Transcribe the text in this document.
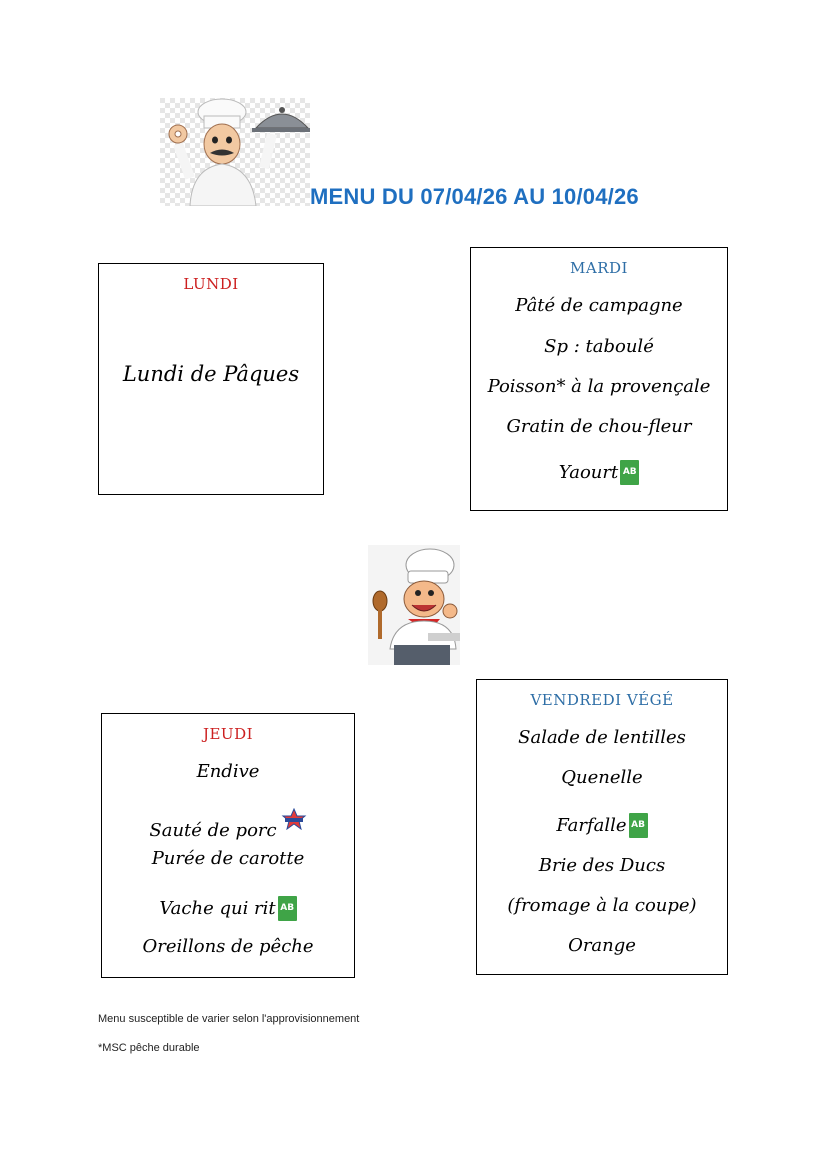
MENU DU 07/04/26 AU 10/04/26
LUNDI
Lundi de Pâques
MARDI
Pâté de campagne
Sp : taboulé
Poisson* à la provençale
Gratin de chou-fleur
Yaourt AB
JEUDI
Endive
Sauté de porc
Purée de carotte
Vache qui rit AB
Oreillons de pêche
VENDREDI VÉGÉ
Salade de lentilles
Quenelle
Farfalle AB
Brie des Ducs
(fromage à la coupe)
Orange
Menu susceptible de varier selon l'approvisionnement
*MSC pêche durable
